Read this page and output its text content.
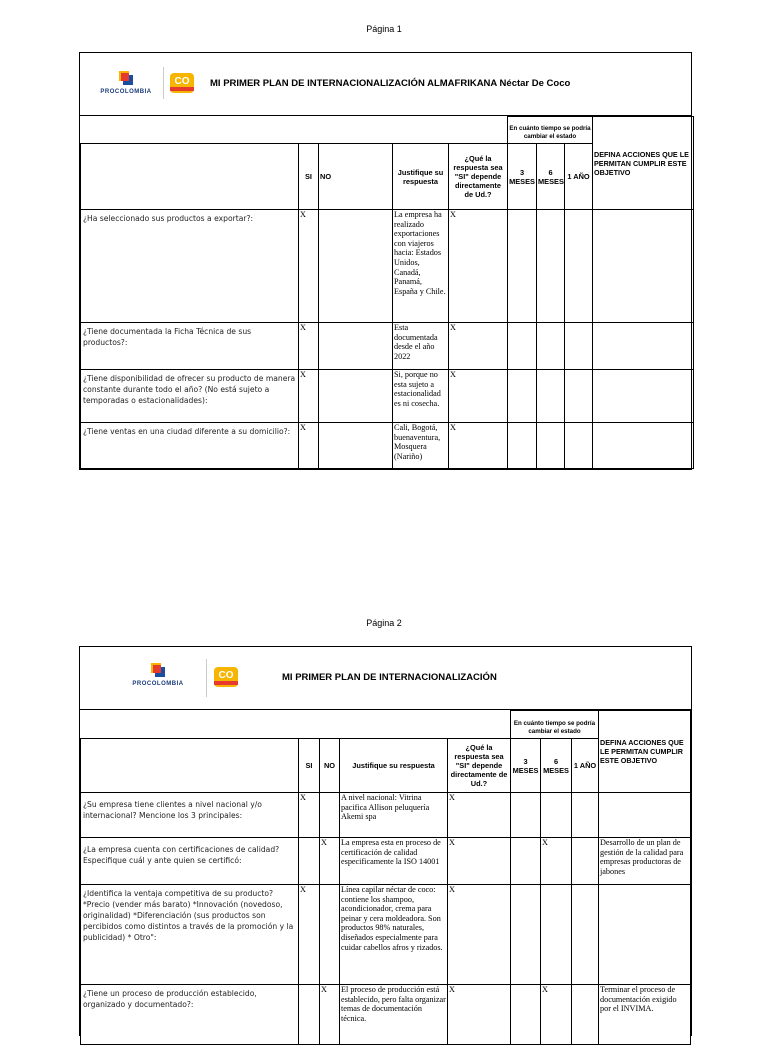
Página 1
PROCOLOMBIA
CO	MI PRIMER PLAN DE INTERNACIONALIZACIÓN ALMAFRIKANA Néctar De Coco
					En cuánto tiempo se podría cambiar el estado			DEFINA ACCIONES QUE LE PERMITAN CUMPLIR ESTE OBJETIVO
	SI	NO	Justifique su respuesta	¿Qué la respuesta sea "SI" depende directamente de Ud.?	3 MESES	6 MESES	1 AÑO	
¿Ha seleccionado sus productos a exportar?:	X		La empresa ha realizado exportaciones con viajeros hacia: Estados Unidos, Canadá, Panamá, España y Chile.	X				
¿Tiene documentada la Ficha Técnica de sus productos?:	X		Esta documentada desde el año 2022	X				
¿Tiene disponibilidad de ofrecer su producto de manera constante durante todo el año? (No está sujeto a temporadas o estacionalidades):	X		Si, porque no esta sujeto a estacionalidad es ni cosecha.	X				
¿Tiene ventas en una ciudad diferente a su domicilio?:	X		Cali, Bogotá, buenaventura, Mosquera (Nariño)	X				
Página 2
PROCOLOMBIA
CO	MI PRIMER PLAN DE INTERNACIONALIZACIÓN
					En cuánto tiempo se podría cambiar el estado			DEFINA ACCIONES QUE LE PERMITAN CUMPLIR ESTE OBJETIVO
	SI	NO	Justifique su respuesta	¿Qué la respuesta sea "SI" depende directamente de Ud.?	3 MESES	6 MESES	1 AÑO	
¿Su empresa tiene clientes a nivel nacional y/o internacional? Mencione los 3 principales:	X		A nivel nacional: Vitrina pacifica Allison peluquería Akemi spa	X				
¿La empresa cuenta con certificaciones de calidad? Especifique cuál y ante quien se certificó:		X	La empresa esta en proceso de certificación de calidad especificamente la ISO 14001	X		X		Desarrollo de un plan de gestión de la calidad para empresas productoras de jabones
¿Identifica la ventaja competitiva de su producto? *Precio (vender más barato) *Innovación (novedoso, originalidad) *Diferenciación (sus productos son percibidos como distintos a través de la promoción y la publicidad) * Otro":	X		Línea capilar néctar de coco: contiene los shampoo, acondicionador, crema para peinar y cera moldeadora. Son productos 98% naturales, diseñados especialmente para cuidar cabellos afros y rizados.	X				
¿Tiene un proceso de producción establecido, organizado y documentado?:		X	El proceso de producción está establecido, pero falta organizar temas de documentación técnica.	X		X		Terminar el proceso de documentación exigido por el INVIMA.
